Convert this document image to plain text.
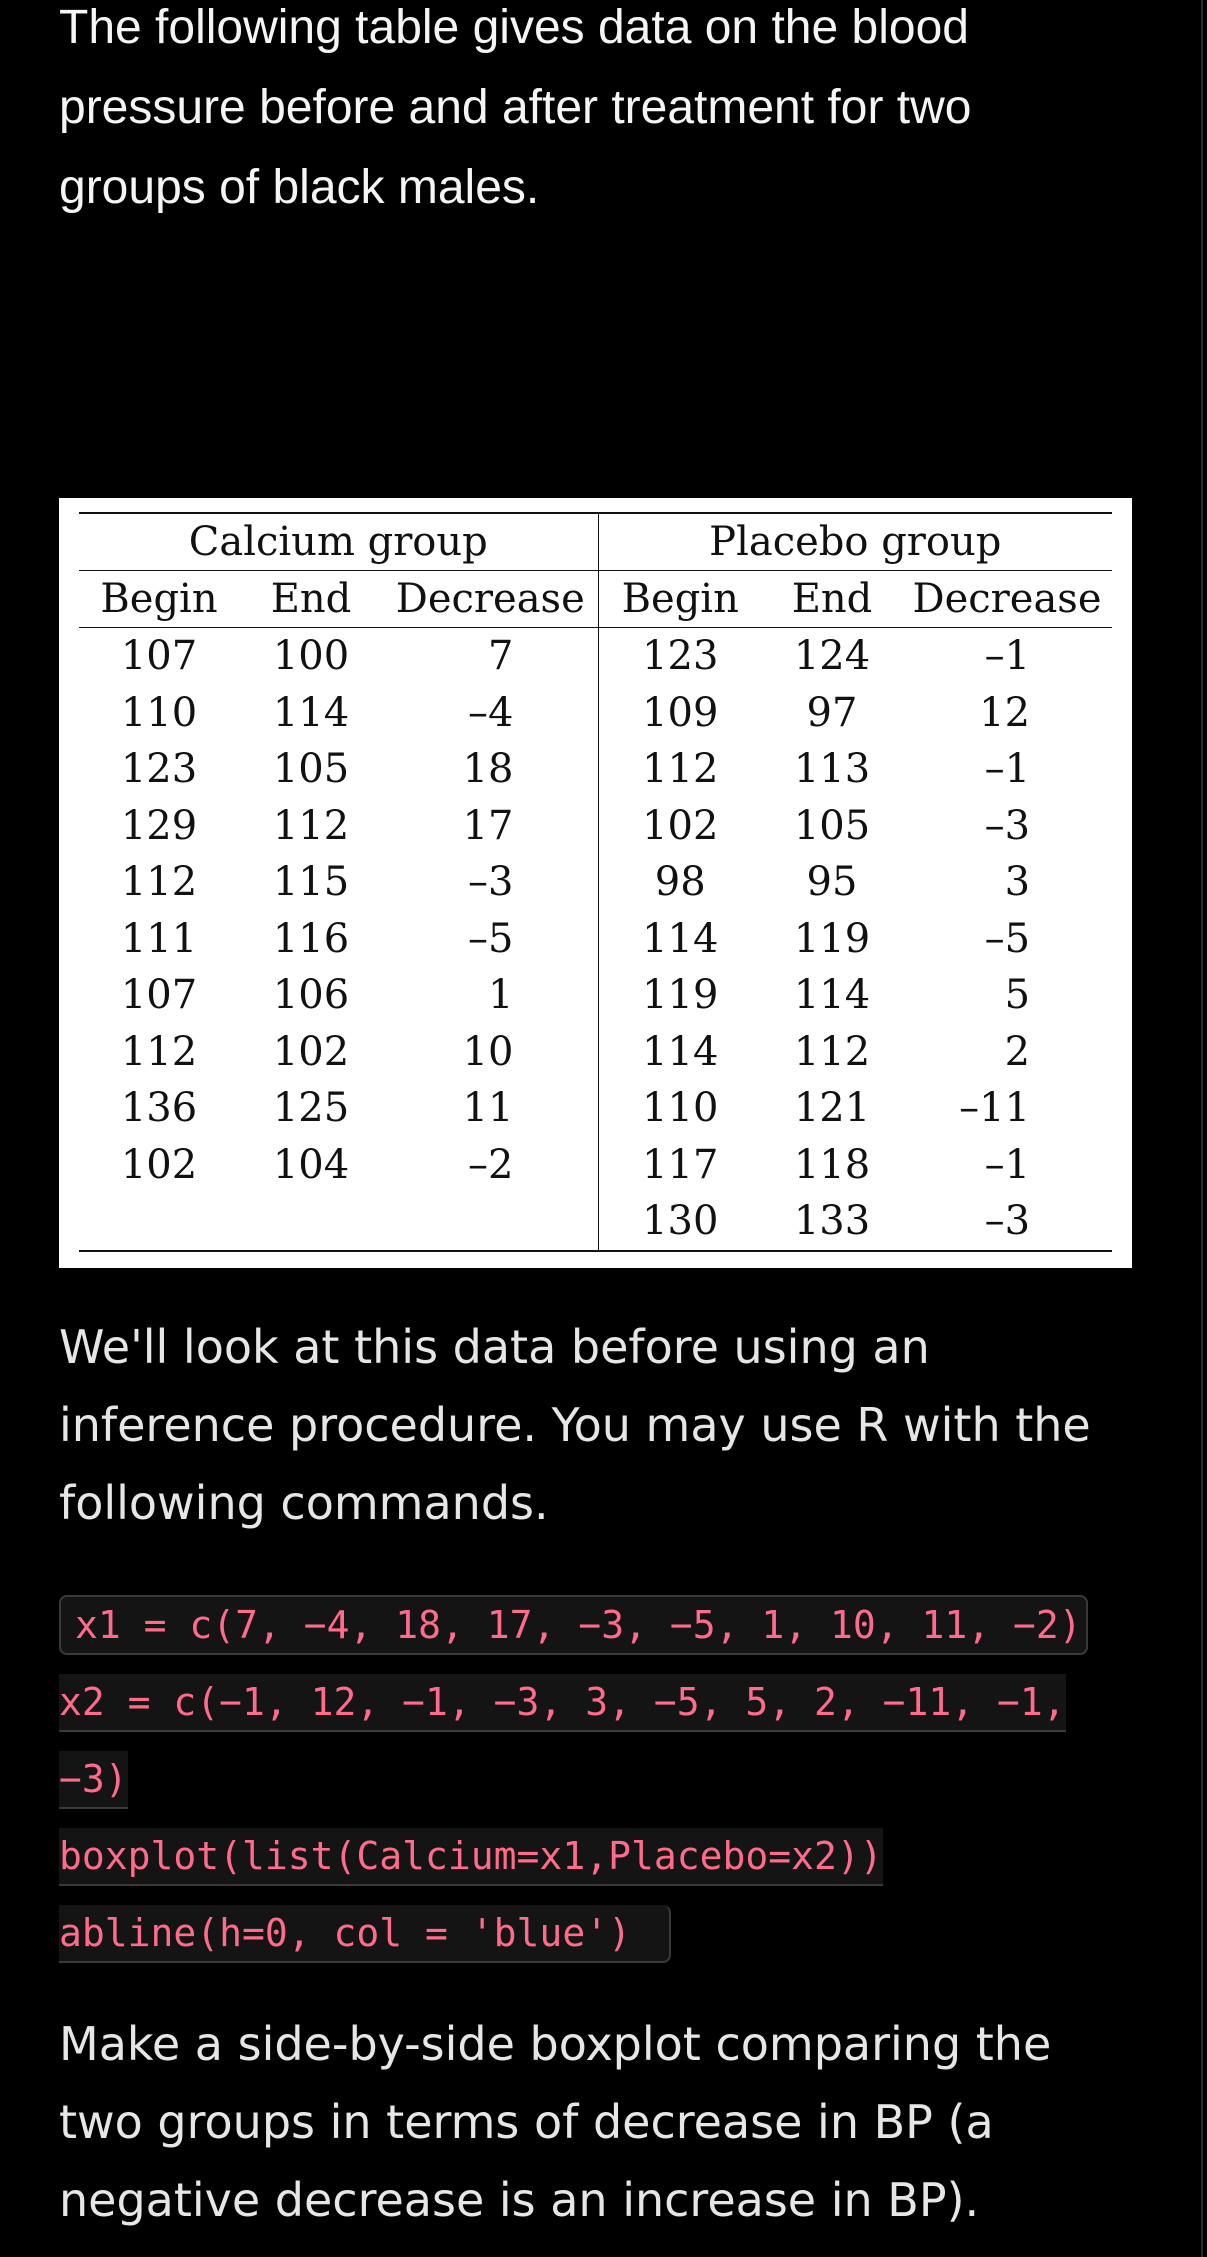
The following table gives data on the blood pressure before and after treatment for two groups of black males.

Calcium group			Placebo group		
Begin	End	Decrease	Begin	End	Decrease
107	100	7	123	124	–1
110	114	–4	109	97	12
123	105	18	112	113	–1
129	112	17	102	105	–3
112	115	–3	98	95	3
111	116	–5	114	119	–5
107	106	1	119	114	5
112	102	10	114	112	2
136	125	11	110	121	–11
102	104	–2	117	118	–1
			130	133	–3

We'll look at this data before using an inference procedure. You may use R with the following commands.

x1 = c(7, −4, 18, 17, −3, −5, 1, 10, 11, −2)
x2 = c(−1, 12, −1, −3, 3, −5, 5, 2, −11, −1,
−3)
boxplot(list(Calcium=x1,Placebo=x2))
abline(h=0, col = 'blue')

Make a side-by-side boxplot comparing the two groups in terms of decrease in BP (a negative decrease is an increase in BP).
